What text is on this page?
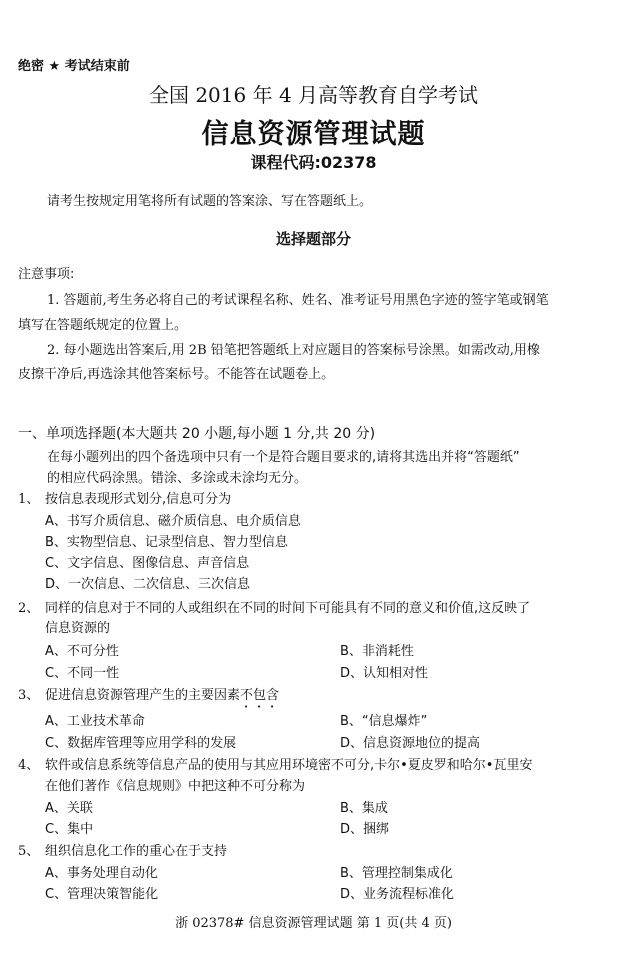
绝密 ★ 考试结束前
全国 2016 年 4 月高等教育自学考试
信息资源管理试题
课程代码:02378
请考生按规定用笔将所有试题的答案涂、写在答题纸上。
选择题部分
注意事项:
1. 答题前,考生务必将自己的考试课程名称、姓名、准考证号用黑色字迹的签字笔或钢笔
填写在答题纸规定的位置上。
2. 每小题选出答案后,用 2B 铅笔把答题纸上对应题目的答案标号涂黑。如需改动,用橡
皮擦干净后,再选涂其他答案标号。不能答在试题卷上。
一、单项选择题(本大题共 20 小题,每小题 1 分,共 20 分)
在每小题列出的四个备选项中只有一个是符合题目要求的,请将其选出并将“答题纸”
的相应代码涂黑。错涂、多涂或未涂均无分。
1、 按信息表现形式划分,信息可分为
A、书写介质信息、磁介质信息、电介质信息
B、实物型信息、记录型信息、智力型信息
C、文字信息、图像信息、声音信息
D、一次信息、二次信息、三次信息
2、 同样的信息对于不同的人或组织在不同的时间下可能具有不同的意义和价值,这反映了
信息资源的
A、不可分性	B、非消耗性
C、不同一性	D、认知相对性
3、 促进信息资源管理产生的主要因素不包含
A、工业技术革命	B、“信息爆炸”
C、数据库管理等应用学科的发展	D、信息资源地位的提高
4、 软件或信息系统等信息产品的使用与其应用环境密不可分,卡尔•夏皮罗和哈尔•瓦里安
在他们著作《信息规则》中把这种不可分称为
A、关联	B、集成
C、集中	D、捆绑
5、 组织信息化工作的重心在于支持
A、事务处理自动化	B、管理控制集成化
C、管理决策智能化	D、业务流程标准化
浙 02378# 信息资源管理试题 第 1 页(共 4 页)
